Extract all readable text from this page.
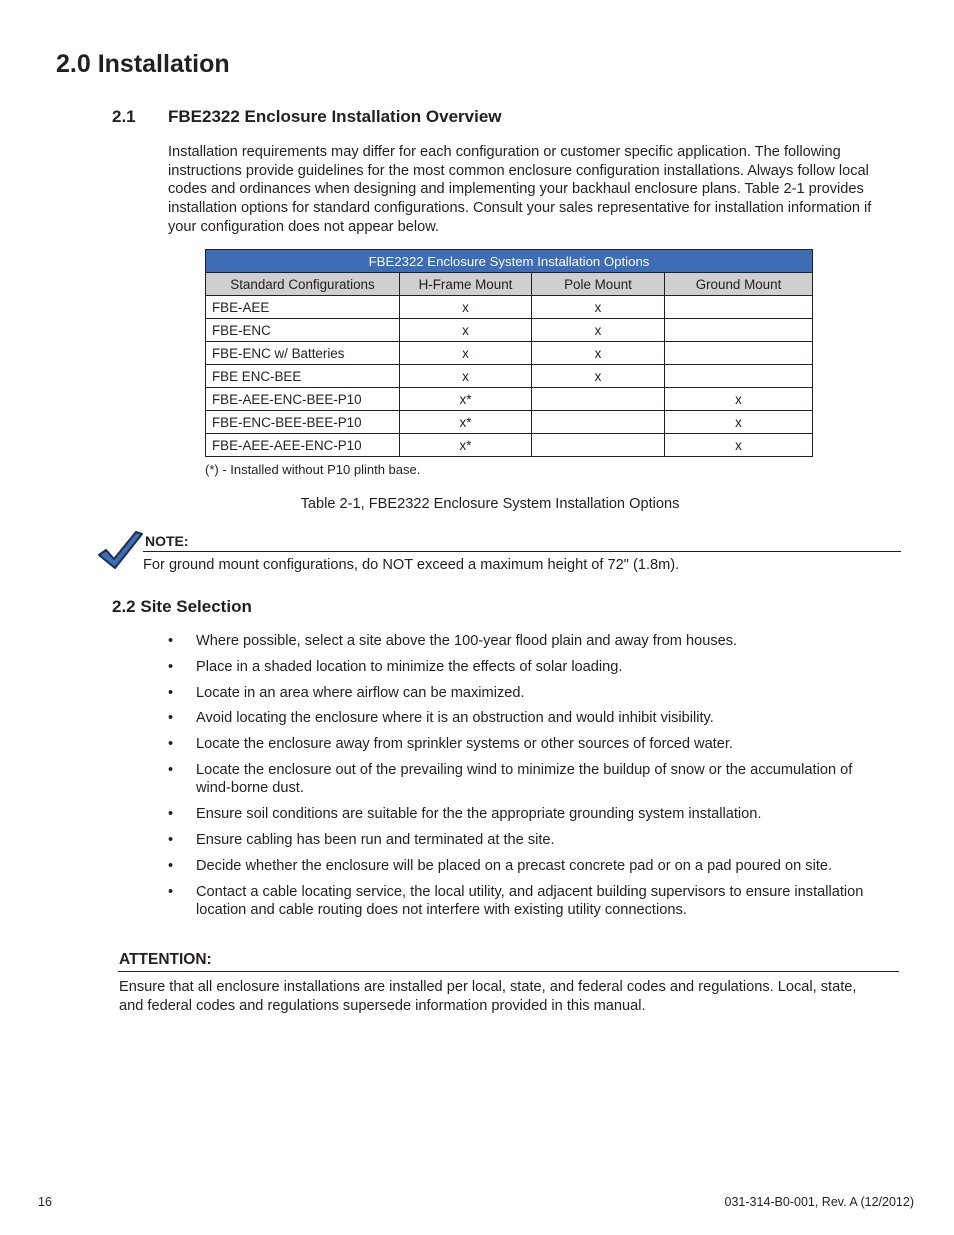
2.0 Installation
2.1 FBE2322 Enclosure Installation Overview
Installation requirements may differ for each configuration or customer specific application. The following instructions provide guidelines for the most common enclosure configuration installations. Always follow local codes and ordinances when designing and implementing your backhaul enclosure plans. Table 2-1 provides installation options for standard configurations. Consult your sales representative for installation information if your configuration does not appear below.
FBE2322 Enclosure System Installation Options			
Standard Configurations	H-Frame Mount	Pole Mount	Ground Mount
FBE-AEE	x	x	
FBE-ENC	x	x	
FBE-ENC w/ Batteries	x	x	
FBE ENC-BEE	x	x	
FBE-AEE-ENC-BEE-P10	x*		x
FBE-ENC-BEE-BEE-P10	x*		x
FBE-AEE-AEE-ENC-P10	x*		x
(*) - Installed without P10 plinth base.
Table 2-1, FBE2322 Enclosure System Installation Options
NOTE:
For ground mount configurations, do NOT exceed a maximum height of 72" (1.8m).
2.2 Site Selection
• Where possible, select a site above the 100-year flood plain and away from houses.
• Place in a shaded location to minimize the effects of solar loading.
• Locate in an area where airflow can be maximized.
• Avoid locating the enclosure where it is an obstruction and would inhibit visibility.
• Locate the enclosure away from sprinkler systems or other sources of forced water.
• Locate the enclosure out of the prevailing wind to minimize the buildup of snow or the accumulation of wind-borne dust.
• Ensure soil conditions are suitable for the the appropriate grounding system installation.
• Ensure cabling has been run and terminated at the site.
• Decide whether the enclosure will be placed on a precast concrete pad or on a pad poured on site.
• Contact a cable locating service, the local utility, and adjacent building supervisors to ensure installation location and cable routing does not interfere with existing utility connections.
ATTENTION:
Ensure that all enclosure installations are installed per local, state, and federal codes and regulations. Local, state, and federal codes and regulations supersede information provided in this manual.
16	031-314-B0-001, Rev. A (12/2012)
